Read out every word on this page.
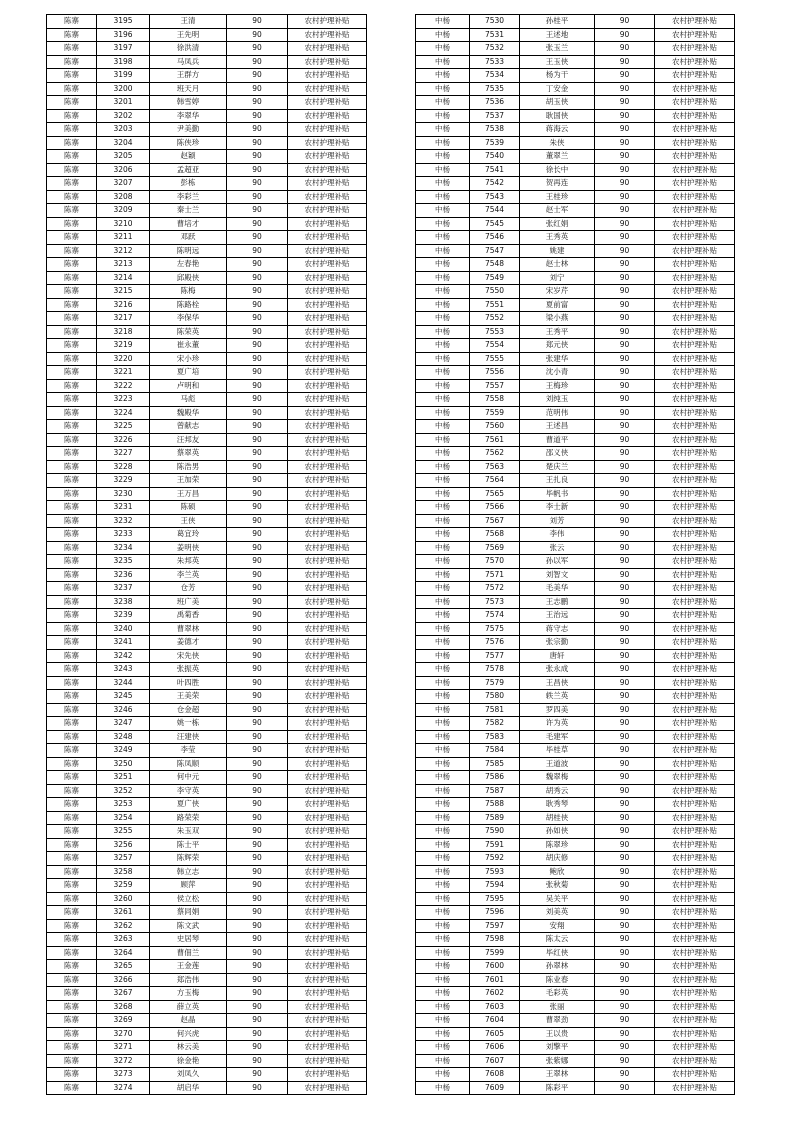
陈寨	3195	王清	90	农村护理补贴
陈寨	3196	王先明	90	农村护理补贴
陈寨	3197	徐洪清	90	农村护理补贴
陈寨	3198	马凤兵	90	农村护理补贴
陈寨	3199	王群方	90	农村护理补贴
陈寨	3200	班天月	90	农村护理补贴
陈寨	3201	韩雪婷	90	农村护理补贴
陈寨	3202	李翠华	90	农村护理补贴
陈寨	3203	尹美勤	90	农村护理补贴
陈寨	3204	陈侠珍	90	农村护理补贴
陈寨	3205	赵颖	90	农村护理补贴
陈寨	3206	孟超亚	90	农村护理补贴
陈寨	3207	彭栋	90	农村护理补贴
陈寨	3208	李彩兰	90	农村护理补贴
陈寨	3209	秦士兰	90	农村护理补贴
陈寨	3210	曹培才	90	农村护理补贴
陈寨	3211	邓跃	90	农村护理补贴
陈寨	3212	陈明远	90	农村护理补贴
陈寨	3213	左春艳	90	农村护理补贴
陈寨	3214	邱殿侠	90	农村护理补贴
陈寨	3215	陈梅	90	农村护理补贴
陈寨	3216	陈路栓	90	农村护理补贴
陈寨	3217	李保华	90	农村护理补贴
陈寨	3218	陈荣英	90	农村护理补贴
陈寨	3219	崔永董	90	农村护理补贴
陈寨	3220	宋小珍	90	农村护理补贴
陈寨	3221	夏广培	90	农村护理补贴
陈寨	3222	卢明和	90	农村护理补贴
陈寨	3223	马彪	90	农村护理补贴
陈寨	3224	魏殿华	90	农村护理补贴
陈寨	3225	曾献志	90	农村护理补贴
陈寨	3226	汪邦友	90	农村护理补贴
陈寨	3227	蔡翠英	90	农村护理补贴
陈寨	3228	陈浩男	90	农村护理补贴
陈寨	3229	王加荣	90	农村护理补贴
陈寨	3230	王万昌	90	农村护理补贴
陈寨	3231	陈硕	90	农村护理补贴
陈寨	3232	王侠	90	农村护理补贴
陈寨	3233	葛宜玲	90	农村护理补贴
陈寨	3234	姜明侠	90	农村护理补贴
陈寨	3235	朱邦英	90	农村护理补贴
陈寨	3236	李兰英	90	农村护理补贴
陈寨	3237	仓芳	90	农村护理补贴
陈寨	3238	班广美	90	农村护理补贴
陈寨	3239	禹菊香	90	农村护理补贴
陈寨	3240	曹翠林	90	农村护理补贴
陈寨	3241	姜德才	90	农村护理补贴
陈寨	3242	宋先侠	90	农村护理补贴
陈寨	3243	张振英	90	农村护理补贴
陈寨	3244	叶四胜	90	农村护理补贴
陈寨	3245	王美荣	90	农村护理补贴
陈寨	3246	仓金超	90	农村护理补贴
陈寨	3247	姚一栋	90	农村护理补贴
陈寨	3248	汪建侠	90	农村护理补贴
陈寨	3249	李莹	90	农村护理补贴
陈寨	3250	陈凤顺	90	农村护理补贴
陈寨	3251	何中元	90	农村护理补贴
陈寨	3252	李守英	90	农村护理补贴
陈寨	3253	夏广侠	90	农村护理补贴
陈寨	3254	路荣荣	90	农村护理补贴
陈寨	3255	朱玉双	90	农村护理补贴
陈寨	3256	陈士平	90	农村护理补贴
陈寨	3257	陈辉荣	90	农村护理补贴
陈寨	3258	韩立志	90	农村护理补贴
陈寨	3259	顾萍	90	农村护理补贴
陈寨	3260	侯立松	90	农村护理补贴
陈寨	3261	蔡同娟	90	农村护理补贴
陈寨	3262	陈文武	90	农村护理补贴
陈寨	3263	史居琴	90	农村护理补贴
陈寨	3264	曹佃兰	90	农村护理补贴
陈寨	3265	王金莲	90	农村护理补贴
陈寨	3266	郑浩伟	90	农村护理补贴
陈寨	3267	方玉梅	90	农村护理补贴
陈寨	3268	薛立英	90	农村护理补贴
陈寨	3269	赵晶	90	农村护理补贴
陈寨	3270	何兴虎	90	农村护理补贴
陈寨	3271	林云美	90	农村护理补贴
陈寨	3272	徐金艳	90	农村护理补贴
陈寨	3273	刘凤久	90	农村护理补贴
陈寨	3274	胡启华	90	农村护理补贴
中杨	7530	孙桂平	90	农村护理补贴
中杨	7531	王述地	90	农村护理补贴
中杨	7532	张玉兰	90	农村护理补贴
中杨	7533	王玉侠	90	农村护理补贴
中杨	7534	杨为干	90	农村护理补贴
中杨	7535	丁安金	90	农村护理补贴
中杨	7536	胡玉侠	90	农村护理补贴
中杨	7537	耿国侠	90	农村护理补贴
中杨	7538	蒋海云	90	农村护理补贴
中杨	7539	朱侠	90	农村护理补贴
中杨	7540	董翠兰	90	农村护理补贴
中杨	7541	徐长中	90	农村护理补贴
中杨	7542	贺再连	90	农村护理补贴
中杨	7543	王桂珍	90	农村护理补贴
中杨	7544	赵士军	90	农村护理补贴
中杨	7545	张红娟	90	农村护理补贴
中杨	7546	王秀英	90	农村护理补贴
中杨	7547	姚建	90	农村护理补贴
中杨	7548	赵士林	90	农村护理补贴
中杨	7549	刘宁	90	农村护理补贴
中杨	7550	宋岁芹	90	农村护理补贴
中杨	7551	夏前富	90	农村护理补贴
中杨	7552	梁小燕	90	农村护理补贴
中杨	7553	王秀平	90	农村护理补贴
中杨	7554	郑元侠	90	农村护理补贴
中杨	7555	张建华	90	农村护理补贴
中杨	7556	沈小青	90	农村护理补贴
中杨	7557	王梅珍	90	农村护理补贴
中杨	7558	刘纯玉	90	农村护理补贴
中杨	7559	范明伟	90	农村护理补贴
中杨	7560	王述昌	90	农村护理补贴
中杨	7561	曹道平	90	农村护理补贴
中杨	7562	邵义侠	90	农村护理补贴
中杨	7563	楚庆兰	90	农村护理补贴
中杨	7564	王扎良	90	农村护理补贴
中杨	7565	毕帆书	90	农村护理补贴
中杨	7566	李士新	90	农村护理补贴
中杨	7567	刘芳	90	农村护理补贴
中杨	7568	李伟	90	农村护理补贴
中杨	7569	张云	90	农村护理补贴
中杨	7570	孙以军	90	农村护理补贴
中杨	7571	刘智文	90	农村护理补贴
中杨	7572	毛美华	90	农村护理补贴
中杨	7573	王志鹏	90	农村护理补贴
中杨	7574	王治远	90	农村护理补贴
中杨	7575	蒋守志	90	农村护理补贴
中杨	7576	张宗勤	90	农村护理补贴
中杨	7577	唐轩	90	农村护理补贴
中杨	7578	张永成	90	农村护理补贴
中杨	7579	王昌侠	90	农村护理补贴
中杨	7580	轶兰英	90	农村护理补贴
中杨	7581	罗四美	90	农村护理补贴
中杨	7582	许为英	90	农村护理补贴
中杨	7583	毛建军	90	农村护理补贴
中杨	7584	毕桂草	90	农村护理补贴
中杨	7585	王道波	90	农村护理补贴
中杨	7586	魏翠梅	90	农村护理补贴
中杨	7587	胡秀云	90	农村护理补贴
中杨	7588	耿秀琴	90	农村护理补贴
中杨	7589	胡桂侠	90	农村护理补贴
中杨	7590	孙如侠	90	农村护理补贴
中杨	7591	陈翠珍	90	农村护理补贴
中杨	7592	胡庆修	90	农村护理补贴
中杨	7593	鲍欣	90	农村护理补贴
中杨	7594	张秋菊	90	农村护理补贴
中杨	7595	吴关平	90	农村护理补贴
中杨	7596	刘美英	90	农村护理补贴
中杨	7597	安翔	90	农村护理补贴
中杨	7598	陈太云	90	农村护理补贴
中杨	7599	毕红侠	90	农村护理补贴
中杨	7600	孙翠林	90	农村护理补贴
中杨	7601	陈业春	90	农村护理补贴
中杨	7602	毛彩英	90	农村护理补贴
中杨	7603	张丽	90	农村护理补贴
中杨	7604	曹翠劲	90	农村护理补贴
中杨	7605	王以贵	90	农村护理补贴
中杨	7606	刘擎平	90	农村护理补贴
中杨	7607	张紫娜	90	农村护理补贴
中杨	7608	王翠林	90	农村护理补贴
中杨	7609	陈彩平	90	农村护理补贴
